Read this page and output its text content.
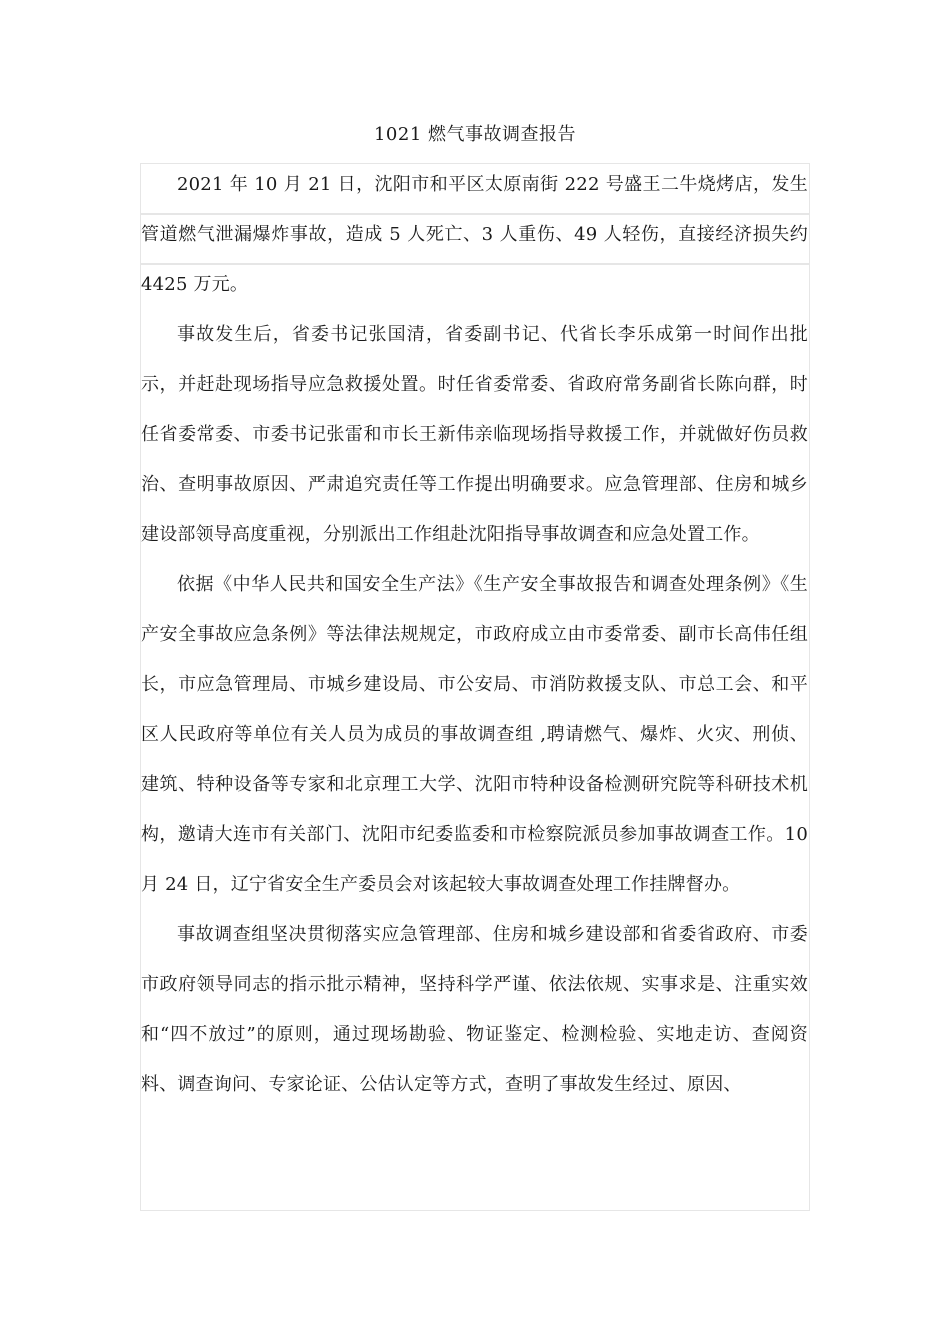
1021 燃气事故调查报告

2021 年 10 月 21 日，沈阳市和平区太原南街 222 号盛王二牛烧烤店，发生管道燃气泄漏爆炸事故，造成 5 人死亡、3 人重伤、49 人轻伤，直接经济损失约 4425 万元。

事故发生后，省委书记张国清，省委副书记、代省长李乐成第一时间作出批示，并赶赴现场指导应急救援处置。时任省委常委、省政府常务副省长陈向群，时任省委常委、市委书记张雷和市长王新伟亲临现场指导救援工作，并就做好伤员救治、查明事故原因、严肃追究责任等工作提出明确要求。应急管理部、住房和城乡建设部领导高度重视，分别派出工作组赴沈阳指导事故调查和应急处置工作。

依据《中华人民共和国安全生产法》《生产安全事故报告和调查处理条例》《生产安全事故应急条例》等法律法规规定，市政府成立由市委常委、副市长高伟任组长，市应急管理局、市城乡建设局、市公安局、市消防救援支队、市总工会、和平区人民政府等单位有关人员为成员的事故调查组 ,聘请燃气、爆炸、火灾、刑侦、建筑、特种设备等专家和北京理工大学、沈阳市特种设备检测研究院等科研技术机构，邀请大连市有关部门、沈阳市纪委监委和市检察院派员参加事故调查工作。10 月 24 日，辽宁省安全生产委员会对该起较大事故调查处理工作挂牌督办。

事故调查组坚决贯彻落实应急管理部、住房和城乡建设部和省委省政府、市委市政府领导同志的指示批示精神，坚持科学严谨、依法依规、实事求是、注重实效和“四不放过”的原则，通过现场勘验、物证鉴定、检测检验、实地走访、查阅资料、调查询问、专家论证、公估认定等方式，查明了事故发生经过、原因、
